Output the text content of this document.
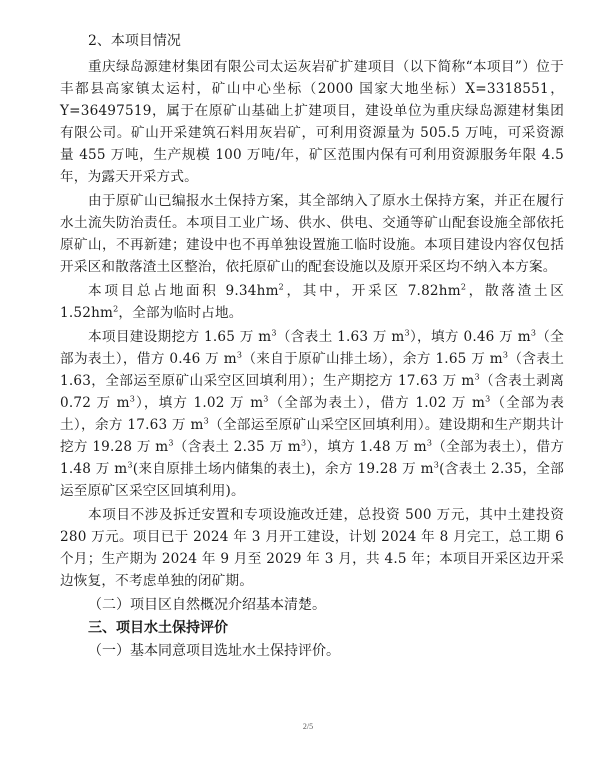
2、本项目情况

重庆绿岛源建材集团有限公司太运灰岩矿扩建项目（以下简称“本项目”）位于丰都县高家镇太运村，矿山中心坐标（2000 国家大地坐标）X=3318551，Y=36497519，属于在原矿山基础上扩建项目，建设单位为重庆绿岛源建材集团有限公司。矿山开采建筑石料用灰岩矿，可利用资源量为 505.5 万吨，可采资源量 455 万吨，生产规模 100 万吨/年，矿区范围内保有可利用资源服务年限 4.5 年，为露天开采方式。

由于原矿山已编报水土保持方案，其全部纳入了原水土保持方案，并正在履行水土流失防治责任。本项目工业广场、供水、供电、交通等矿山配套设施全部依托原矿山，不再新建；建设中也不再单独设置施工临时设施。本项目建设内容仅包括开采区和散落渣土区整治，依托原矿山的配套设施以及原开采区均不纳入本方案。

本项目总占地面积 $9.34hm^2$，其中，开采区 $7.82hm^2$，散落渣土区 $1.52hm^2$，全部为临时占地。

本项目建设期挖方 1.65 万 $m^3$（含表土 1.63 万 $m^3$），填方 0.46 万 $m^3$（全部为表土），借方 0.46 万 $m^3$（来自于原矿山排土场），余方 1.65 万 $m^3$（含表土 1.63，全部运至原矿山采空区回填利用）；生产期挖方 17.63 万 $m^3$（含表土剥离 0.72 万 $m^3$），填方 1.02 万 $m^3$（全部为表土），借方 1.02 万 $m^3$（全部为表土），余方 17.63 万 $m^3$（全部运至原矿山采空区回填利用）。建设期和生产期共计挖方 19.28 万 $m^3$（含表土 2.35 万 $m^3$），填方 1.48 万 $m^3$（全部为表土），借方 1.48 万 $m^3$(来自原排土场内储集的表土)，余方 19.28 万 $m^3$(含表土 2.35，全部运至原矿区采空区回填利用)。

本项目不涉及拆迁安置和专项设施改迁建，总投资 500 万元，其中土建投资 280 万元。项目已于 2024 年 3 月开工建设，计划 2024 年 8 月完工，总工期 6 个月；生产期为 2024 年 9 月至 2029 年 3 月，共 4.5 年；本项目开采区边开采边恢复，不考虑单独的闭矿期。

（二）项目区自然概况介绍基本清楚。
三、项目水土保持评价
（一）基本同意项目选址水土保持评价。
2/5
